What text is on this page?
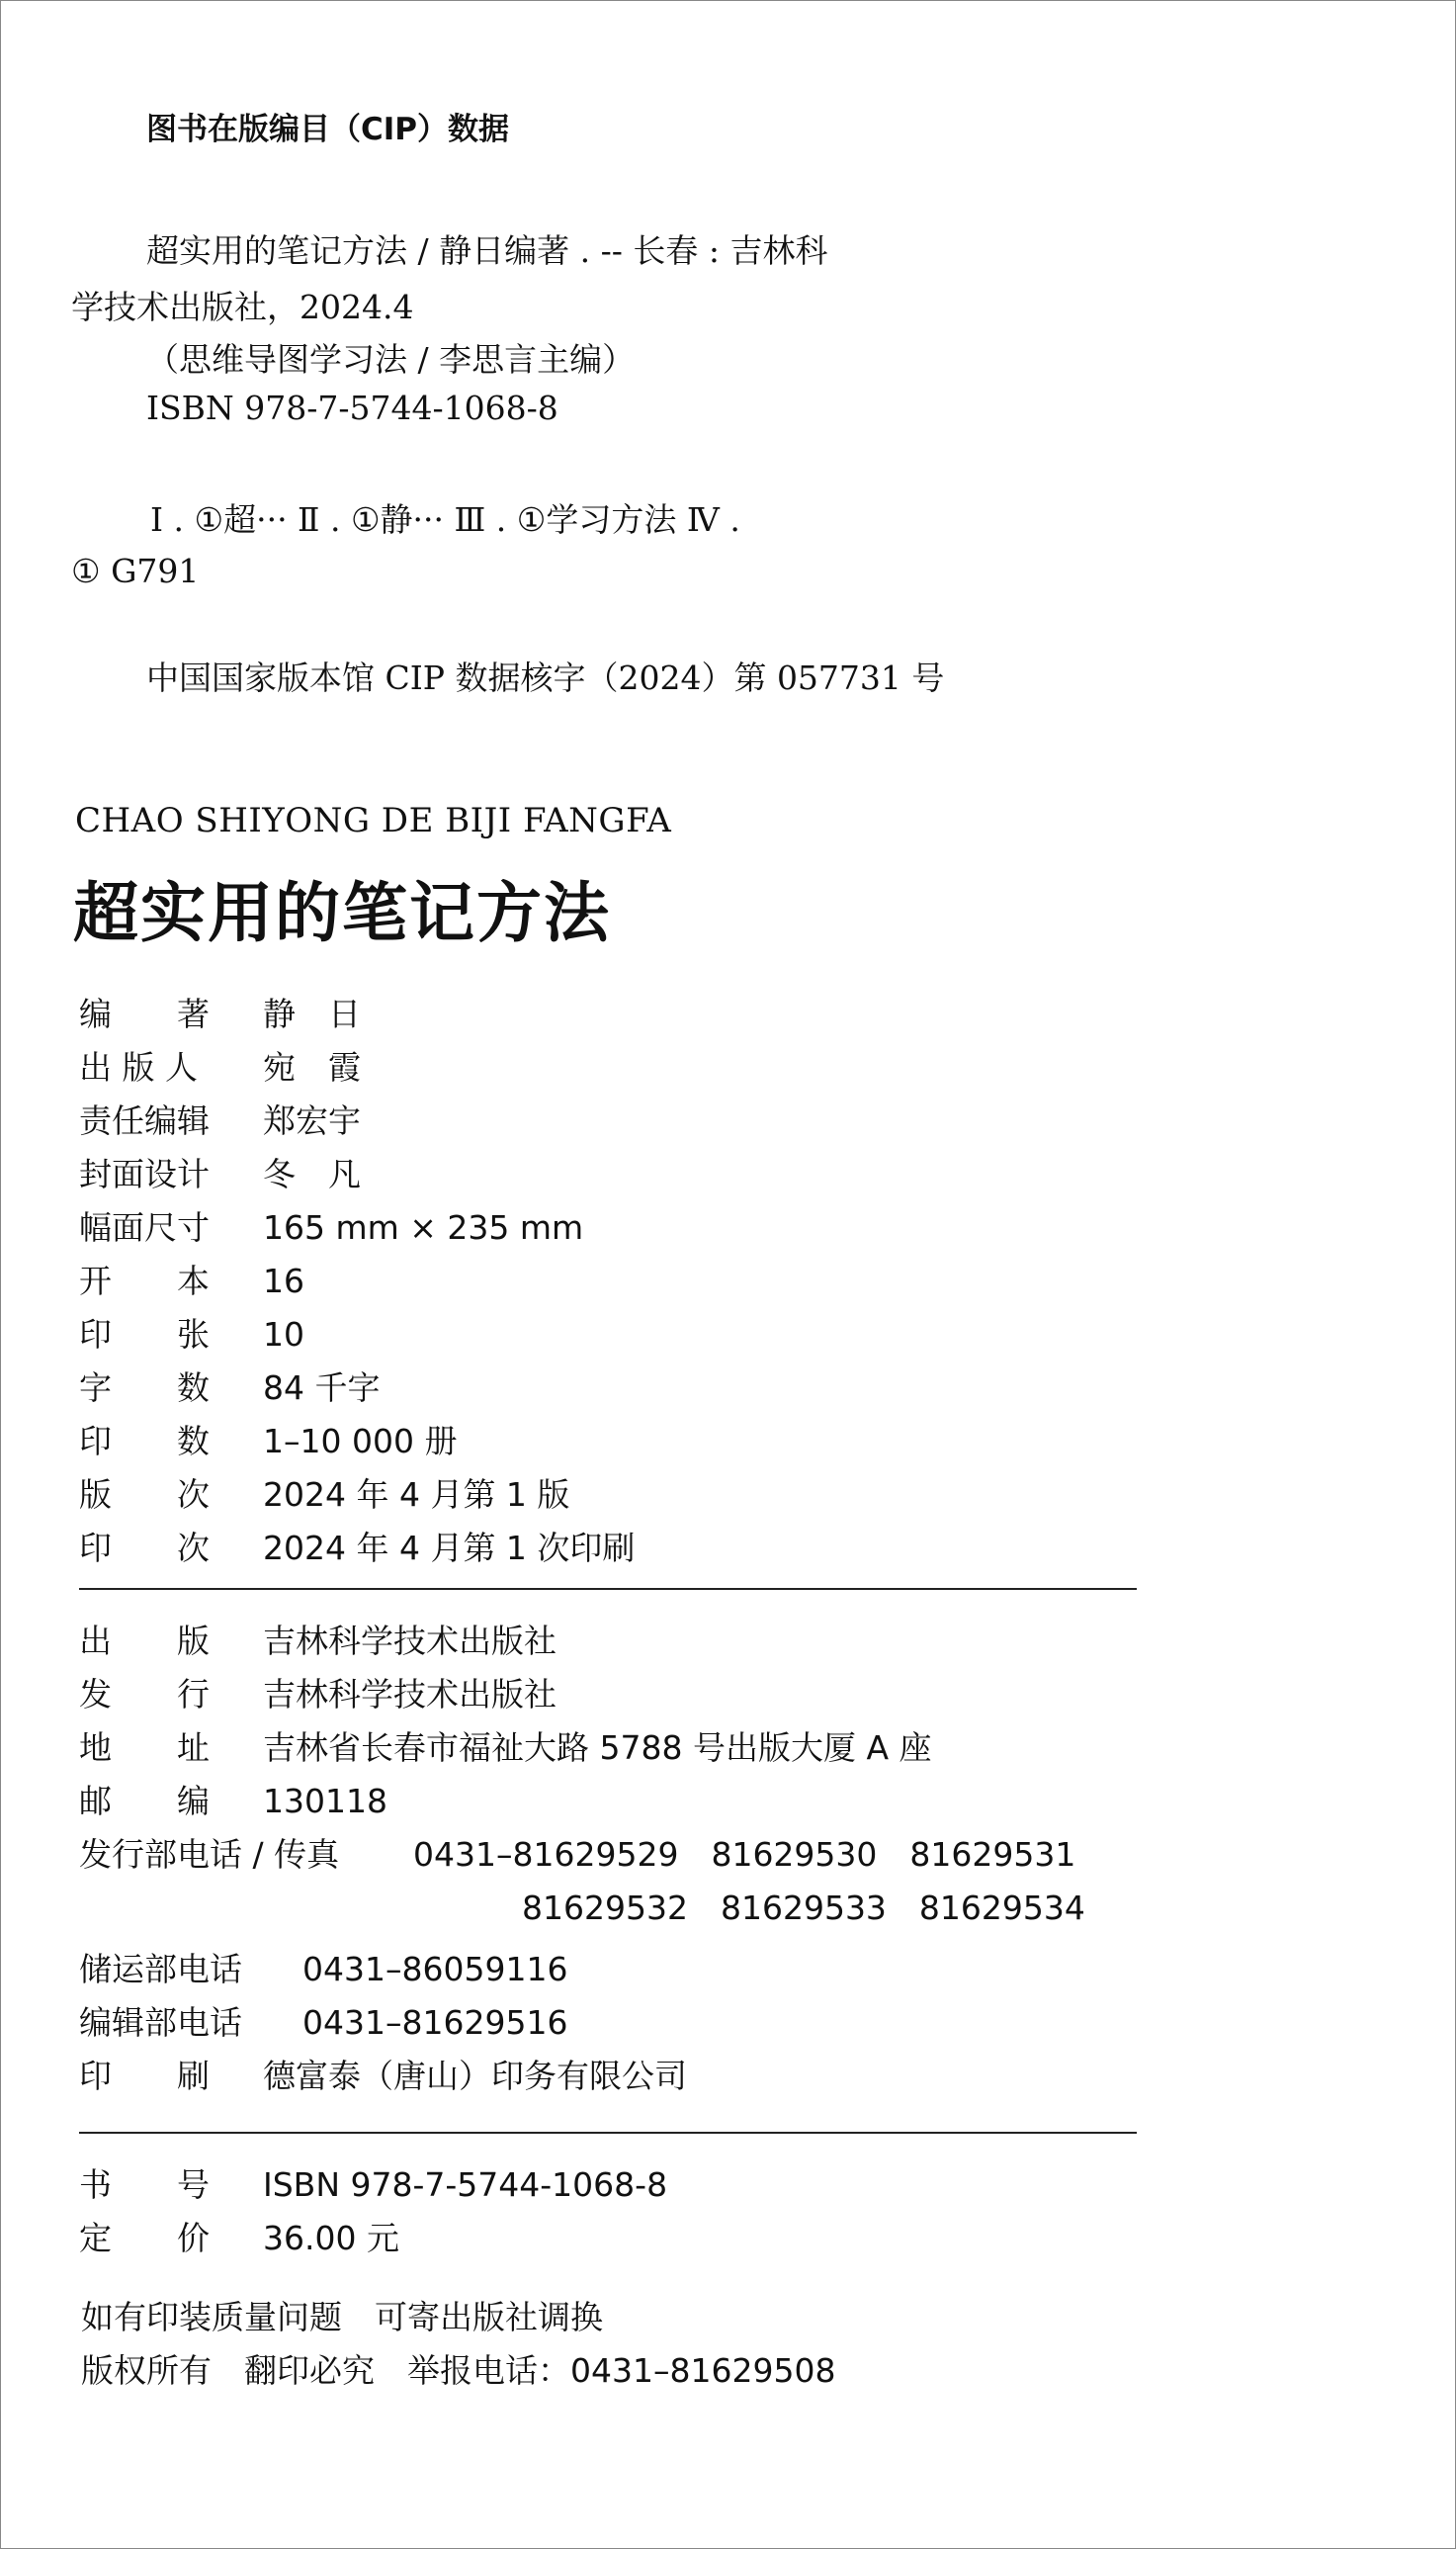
图书在版编目（CIP）数据
超实用的笔记方法 / 静日编著 . -- 长春 : 吉林科
学技术出版社，2024.4
（思维导图学习法 / 李思言主编）
ISBN 978-7-5744-1068-8
Ⅰ . ①超··· Ⅱ . ①静··· Ⅲ . ①学习方法 Ⅳ .
① G791
中国国家版本馆 CIP 数据核字（2024）第 057731 号
CHAO SHIYONG DE BIJI FANGFA
超实用的笔记方法
编　　著 静　日
出 版 人 宛　霞
责任编辑 郑宏宇
封面设计 冬　凡
幅面尺寸 165 mm × 235 mm
开　　本 16
印　　张 10
字　　数 84 千字
印　　数 1–10 000 册
版　　次 2024 年 4 月第 1 版
印　　次 2024 年 4 月第 1 次印刷
出　　版 吉林科学技术出版社
发　　行 吉林科学技术出版社
地　　址 吉林省长春市福祉大路 5788 号出版大厦 A 座
邮　　编 130118
发行部电话 / 传真 0431–81629529　81629530　81629531
81629532　81629533　81629534
储运部电话 0431–86059116
编辑部电话 0431–81629516
印　　刷 德富泰（唐山）印务有限公司
书　　号 ISBN 978-7-5744-1068-8
定　　价 36.00 元
如有印装质量问题　可寄出版社调换
版权所有　翻印必究　举报电话：0431–81629508
